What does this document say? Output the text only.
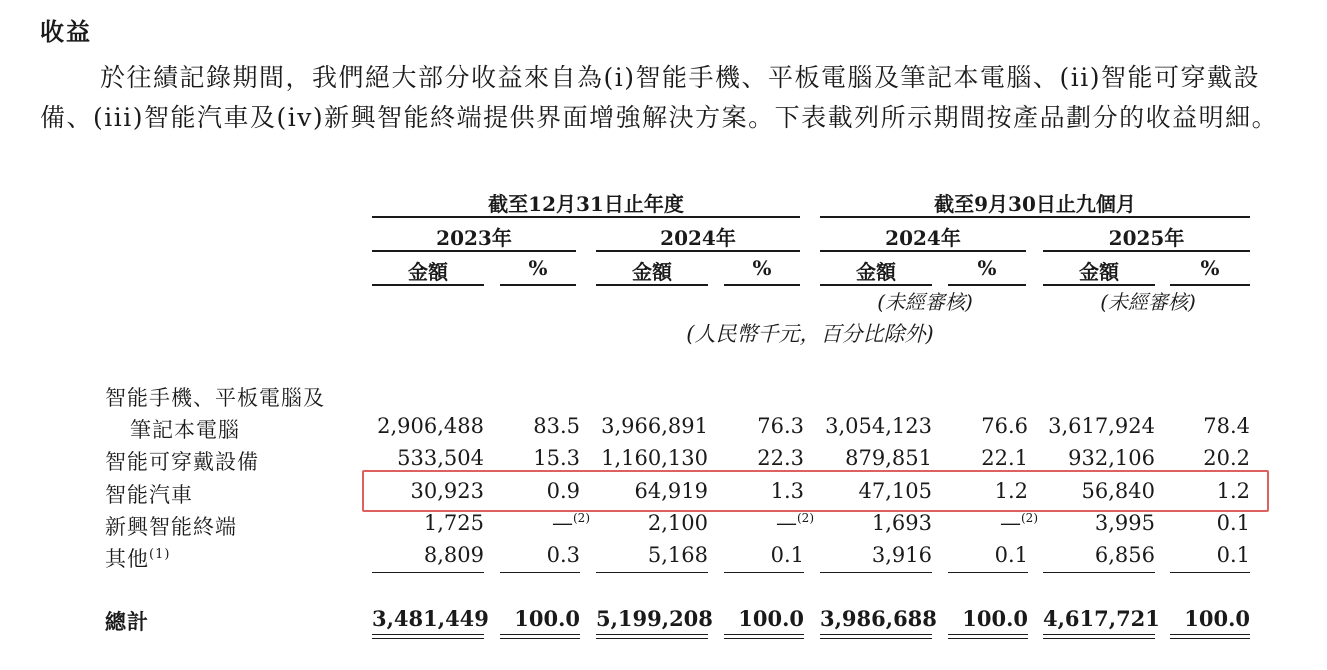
收益
於往績記錄期間，我們絕大部分收益來自為(i)智能手機、平板電腦及筆記本電腦、(ii)智能可穿戴設備、(iii)智能汽車及(iv)新興智能終端提供界面增強解決方案。下表載列所示期間按產品劃分的收益明細。
截至12月31日止年度	截至9月30日止九個月
2023年	2024年	2024年	2025年
金額	%	金額	%	金額	%	金額	%
(未經審核)	(未經審核)
(人民幣千元，百分比除外)
智能手機、平板電腦及
筆記本電腦	2,906,488	83.5 3,966,891	76.3 3,054,123	76.6 3,617,924	78.4
智能可穿戴設備	533,504	15.3 1,160,130	22.3	879,851	22.1	932,106	20.2
智能汽車	30,923	0.9	64,919	1.3	47,105	1.2	56,840	1.2
新興智能終端	1,725	—$^{(2)}$	2,100	—$^{(2)}$	1,693	—$^{(2)}$	3,995	0.1
其他$^{(1)}$	8,809	0.3	5,168	0.1	3,916	0.1	6,856	0.1
總計	3,481,449	100.0 5,199,208	100.0 3,986,688	100.0 4,617,721	100.0
